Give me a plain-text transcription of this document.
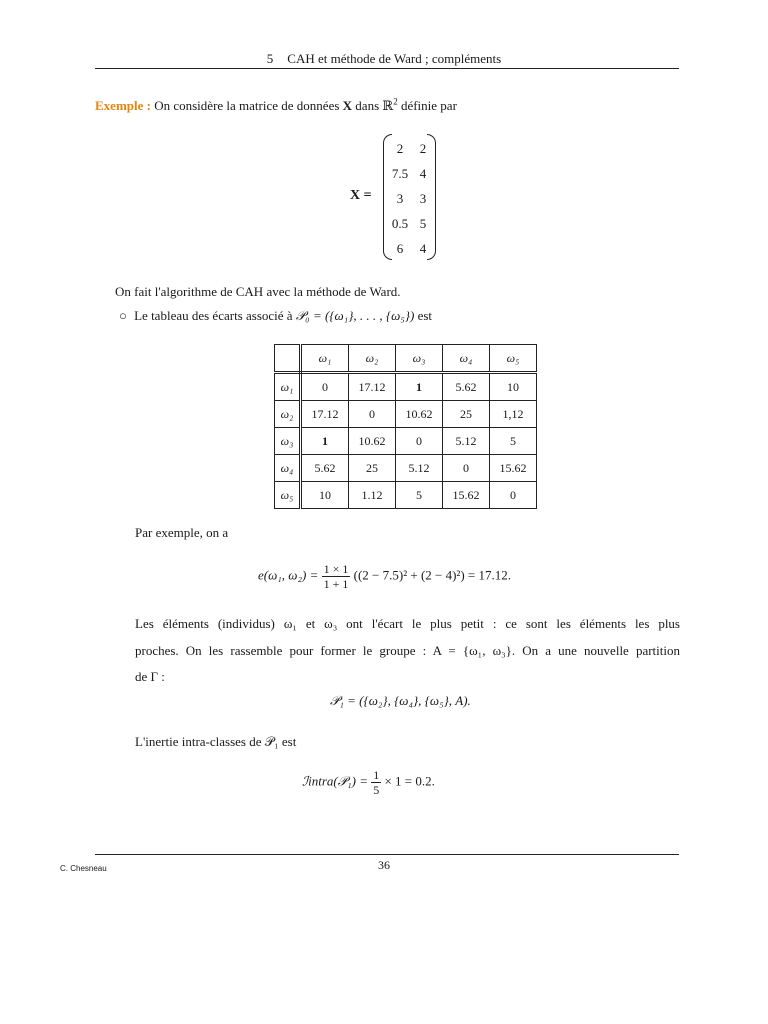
5 CAH et méthode de Ward ; compléments
Exemple : On considère la matrice de données X dans ℝ$^2$ définie par
X =
2	2
7.5 4
3	3
0.5 5
6	4
On fait l'algorithme de CAH avec la méthode de Ward.
○ Le tableau des écarts associé à 𝒫₀ = ({ω₁}, . . . , {ω₅}) est
	ω₁	ω₂	ω₃	ω₄	ω₅
ω₁	0	17.12	1	5.62	10
ω₂	17.12	0	10.62	25	1,12
ω₃	1	10.62	0	5.12	5
ω₄	5.62	25	5.12	0	15.62
ω₅	10	1.12	5	15.62	0
Par exemple, on a
e(ω₁, $\omega_2) = \frac{1 \times 1}{1 + 1} ((2 - 7.5)^2 + (2 - 4)^2) = 17.12$.
Les éléments (individus) ω₁ et ω₃ ont l'écart le plus petit : ce sont les éléments les plus
proches. On les rassemble pour former le groupe : A = {ω₁, ω₃}. On a une nouvelle partition
de Γ :
𝒫₁ = ({ω₂}, {ω₄}, {ω₅}, A).
L'inertie intra-classes de 𝒫₁ est
ℐintra(𝒫₁) = $\frac{1}{5} \times 1 = 0.2$.
C. Chesneau	36
